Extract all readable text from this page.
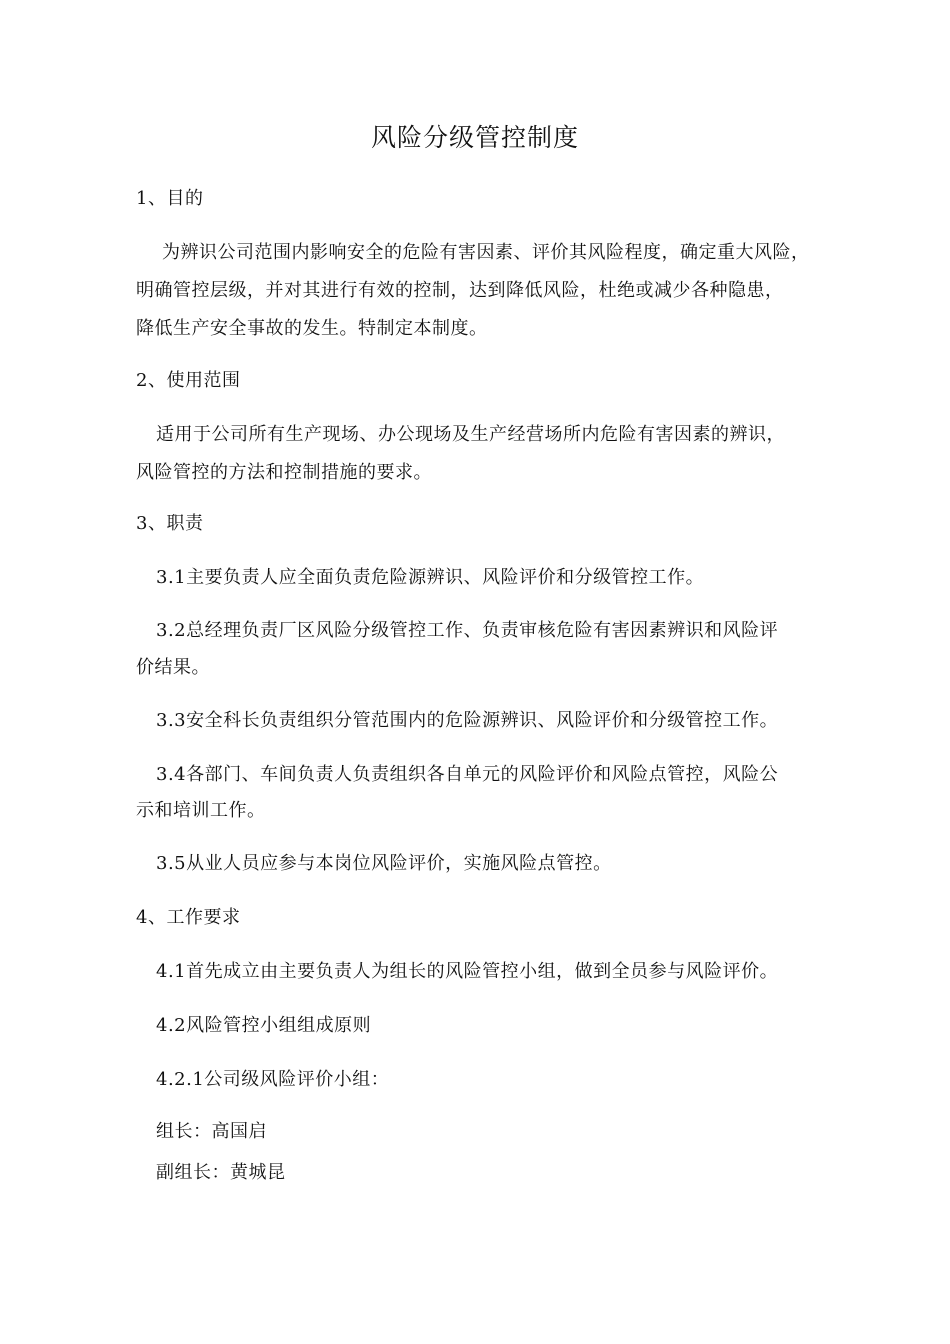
风险分级管控制度
1、目的
为辨识公司范围内影响安全的危险有害因素、评价其风险程度，确定重大风险，
明确管控层级，并对其进行有效的控制，达到降低风险，杜绝或减少各种隐患，
降低生产安全事故的发生。特制定本制度。
2、使用范围
适用于公司所有生产现场、办公现场及生产经营场所内危险有害因素的辨识，
风险管控的方法和控制措施的要求。
3、职责
3.1主要负责人应全面负责危险源辨识、风险评价和分级管控工作。
3.2总经理负责厂区风险分级管控工作、负责审核危险有害因素辨识和风险评
价结果。
3.3安全科长负责组织分管范围内的危险源辨识、风险评价和分级管控工作。
3.4各部门、车间负责人负责组织各自单元的风险评价和风险点管控，风险公
示和培训工作。
3.5从业人员应参与本岗位风险评价，实施风险点管控。
4、工作要求
4.1首先成立由主要负责人为组长的风险管控小组，做到全员参与风险评价。
4.2风险管控小组组成原则
4.2.1公司级风险评价小组：
组长：高国启
副组长：黄城昆
